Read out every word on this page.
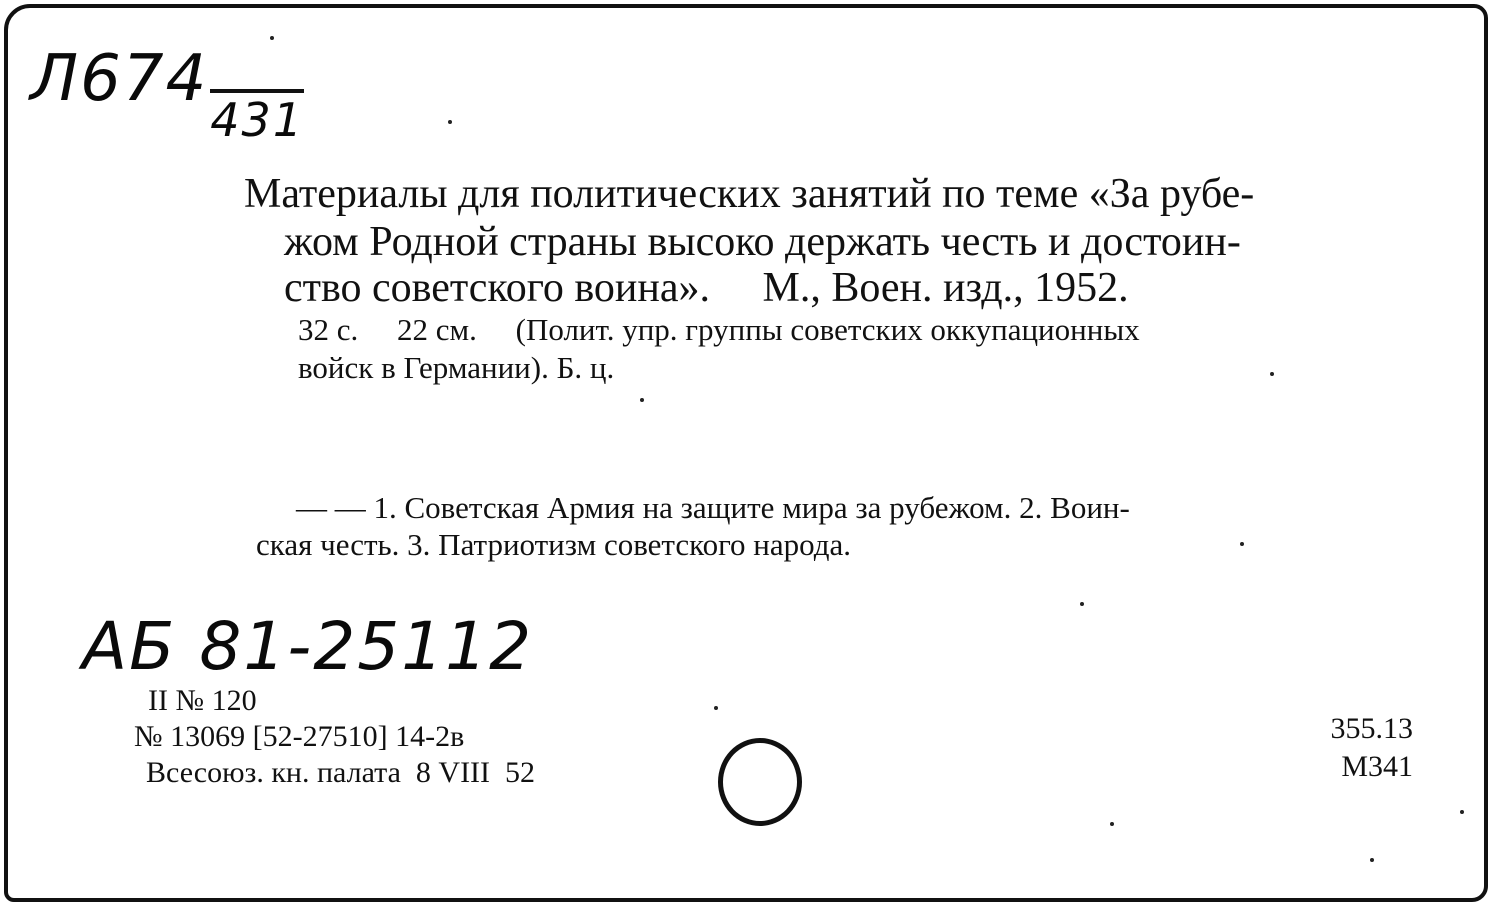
$Л674_{431}$
Материалы для политических занятий по теме «За рубе-
жом Родной страны высоко держать честь и достоин-
ство советского воина».     М., Воен. изд., 1952.
32 с.     22 см.     (Полит. упр. группы советских оккупационных
войск в Германии). Б. ц.
— — 1. Советская Армия на защите мира за рубежом. 2. Воин-
ская честь. 3. Патриотизм советского народа.
АБ 81-25112
II № 120
№ 13069 [52-27510] 14-2в
Всесоюз. кн. палата  8 VIII  52
355.13
М341
